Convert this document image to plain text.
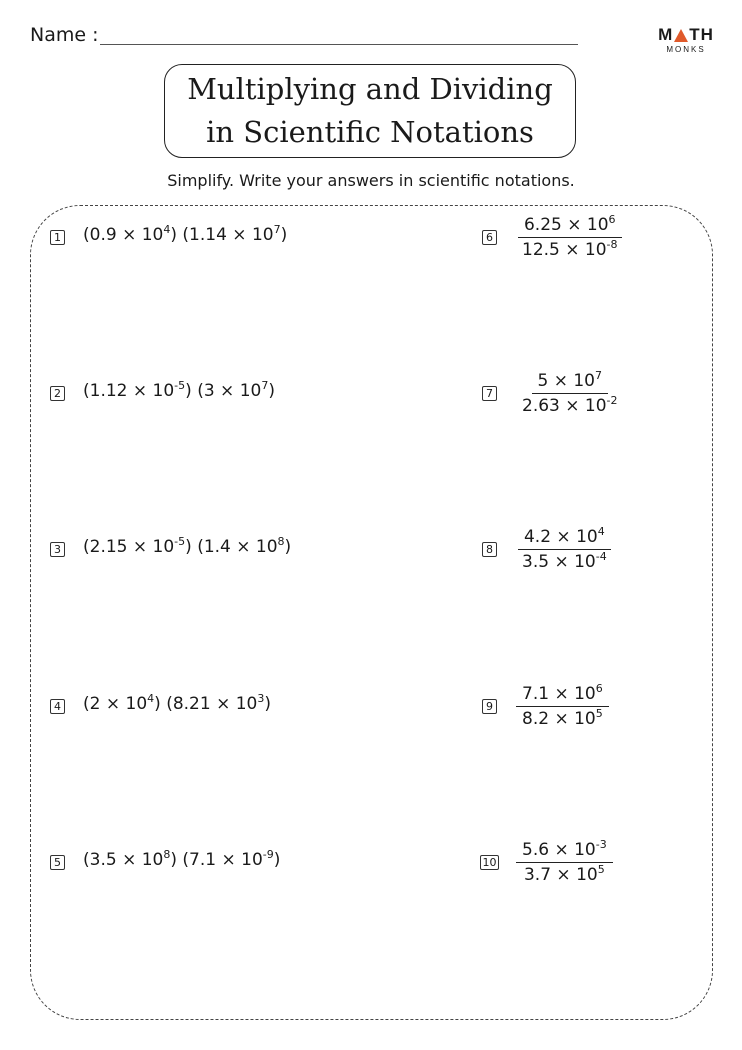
Name :	M TH
MONKS
Multiplying and Dividing
in Scientific Notations
Simplify. Write your answers in scientific notations.
1 $(0.9 \times 10^4)$ $(1.14 \times 10^7)$
2 $(1.12 \times 10^{-5})$ $(3 \times 10^7)$
3 $(2.15 \times 10^{-5})$ $(1.4 \times 10^8)$
4 $(2 \times 10^4)$ $(8.21 \times 10^3)$
5 $(3.5 \times 10^8)$ $(7.1 \times 10^{-9})$
$6 \frac{6.25 \times 10^6}{12.5 \times 10^{-8}}$
$7 \frac{5 \times 10^7}{2.63 \times 10^{-2}}$
$8 \frac{4.2 \times 10^4}{3.5 \times 10^{-4}}$
$9 \frac{7.1 \times 10^6}{8.2 \times 10^5}$
$10 \frac{5.6 \times 10^{-3}}{3.7 \times 10^5}$
